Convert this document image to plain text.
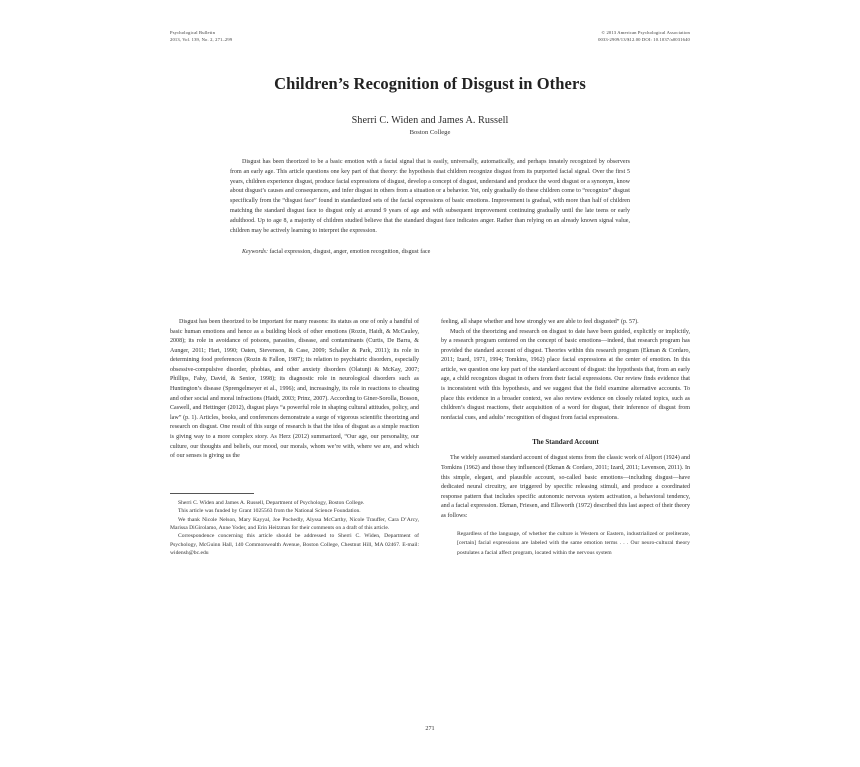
Psychological Bulletin
2013, Vol. 139, No. 2, 271–299
© 2013 American Psychological Association
0033-2909/13/$12.00 DOI: 10.1037/a0031640
Children’s Recognition of Disgust in Others
Sherri C. Widen and James A. Russell
Boston College
Disgust has been theorized to be a basic emotion with a facial signal that is easily, universally, automatically, and perhaps innately recognized by observers from an early age. This article questions one key part of that theory: the hypothesis that children recognize disgust from its purported facial signal. Over the first 5 years, children experience disgust, produce facial expressions of disgust, develop a concept of disgust, understand and produce the word disgust or a synonym, know about disgust’s causes and consequences, and infer disgust in others from a situation or a behavior. Yet, only gradually do these children come to “recognize” disgust specifically from the “disgust face” found in standardized sets of the facial expressions of basic emotions. Improvement is gradual, with more than half of children matching the standard disgust face to disgust only at around 9 years of age and with subsequent improvement continuing gradually until the late teens or early adulthood. Up to age 8, a majority of children studied believe that the standard disgust face indicates anger. Rather than relying on an already known signal value, children may be actively learning to interpret the expression.
Keywords: facial expression, disgust, anger, emotion recognition, disgust face

Disgust has been theorized to be important for many reasons: its status as one of only a handful of basic human emotions and hence as a building block of other emotions (Rozin, Haidt, & McCauley, 2008); its role in avoidance of poisons, parasites, disease, and contaminants (Curtis, De Barra, & Aunger, 2011; Hart, 1990; Oaten, Stevenson, & Case, 2009; Schaller & Park, 2011); its role in determining food preferences (Rozin & Fallon, 1987); its relation to psychiatric disorders, especially obsessive-compulsive disorder, phobias, and other anxiety disorders (Olatunji & McKay, 2007; Phillips, Fahy, David, & Senior, 1998); its diagnostic role in neurological disorders such as Huntington’s disease (Sprengelmeyer et al., 1996); and, increasingly, its role in reactions to cheating and other social and moral infractions (Haidt, 2003; Prinz, 2007). According to Giner-Sorolla, Bosson, Caswell, and Hettinger (2012), disgust plays “a powerful role in shaping cultural attitudes, policy, and law” (p. 1). Articles, books, and conferences demonstrate a surge of vigorous scientific theorizing and research on disgust. One result of this surge of research is that the idea of disgust as a simple reaction is giving way to a more complex story. As Herz (2012) summarized, “Our age, our personality, our culture, our thoughts and beliefs, our mood, our morals, whom we’re with, where we are, and which of our senses is giving us the

Sherri C. Widen and James A. Russell, Department of Psychology, Boston College.

This article was funded by Grant 1025563 from the National Science Foundation.

We thank Nicole Nelson, Mary Kayyal, Joe Pochedly, Alyssa McCarthy, Nicole Trauffer, Cara D’Arcy, Marissa DiGirolamo, Anne Yoder, and Erin Heitzman for their comments on a draft of this article.

Correspondence concerning this article should be addressed to Sherri C. Widen, Department of Psychology, McGuinn Hall, 140 Commonwealth Avenue, Boston College, Chestnut Hill, MA 02467. E-mail: widensh@bc.edu

feeling, all shape whether and how strongly we are able to feel disgusted” (p. 57).

Much of the theorizing and research on disgust to date have been guided, explicitly or implicitly, by a research program centered on the concept of basic emotions—indeed, that research program has provided the standard account of disgust. Theories within this research program (Ekman & Cordaro, 2011; Izard, 1971, 1994; Tomkins, 1962) place facial expressions at the center of emotion. In this article, we question one key part of the standard account of disgust: the hypothesis that, from an early age, a child recognizes disgust in others from their facial expressions. Our review finds evidence that is inconsistent with this hypothesis, and we suggest that the field examine alternative accounts. To place this evidence in a broader context, we also review evidence on closely related topics, such as children’s disgust reactions, their acquisition of a word for disgust, their inference of disgust from nonfacial cues, and adults’ recognition of disgust from facial expressions.

The Standard Account

The widely assumed standard account of disgust stems from the classic work of Allport (1924) and Tomkins (1962) and those they influenced (Ekman & Cordaro, 2011; Izard, 2011; Levenson, 2011). In this simple, elegant, and plausible account, so-called basic emotions—including disgust—have dedicated neural circuitry, are triggered by specific releasing stimuli, and produce a coordinated response pattern that includes specific autonomic nervous system activation, a behavioral tendency, and a facial expression. Ekman, Friesen, and Ellsworth (1972) described this last aspect of their theory as follows:

Regardless of the language, of whether the culture is Western or Eastern, industrialized or preliterate, [certain] facial expressions are labeled with the same emotion terms . . . Our neuro-cultural theory postulates a facial affect program, located within the nervous system
271
